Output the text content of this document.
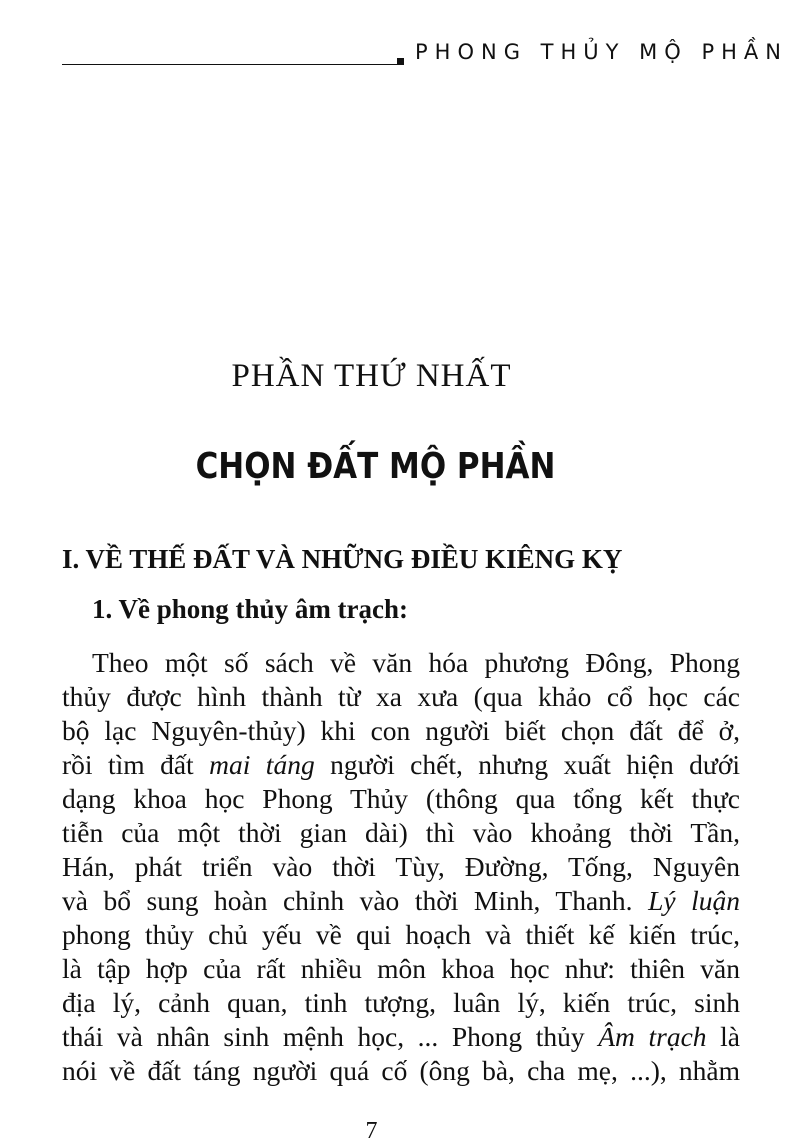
PHONG THỦY MỘ PHẦN
PHẦN THỨ NHẤT
CHỌN ĐẤT MỘ PHẦN
I. VỀ THẾ ĐẤT VÀ NHỮNG ĐIỀU KIÊNG KỴ
1. Về phong thủy âm trạch:
Theo một số sách về văn hóa phương Đông, Phong
thủy được hình thành từ xa xưa (qua khảo cổ học các
bộ lạc Nguyên-thủy) khi con người biết chọn đất để ở,
rồi tìm đất mai táng người chết, nhưng xuất hiện dưới
dạng khoa học Phong Thủy (thông qua tổng kết thực
tiễn của một thời gian dài) thì vào khoảng thời Tần,
Hán, phát triển vào thời Tùy, Đường, Tống, Nguyên
và bổ sung hoàn chỉnh vào thời Minh, Thanh. Lý luận
phong thủy chủ yếu về qui hoạch và thiết kế kiến trúc,
là tập hợp của rất nhiều môn khoa học như: thiên văn
địa lý, cảnh quan, tinh tượng, luân lý, kiến trúc, sinh
thái và nhân sinh mệnh học, ... Phong thủy Âm trạch là
nói về đất táng người quá cố (ông bà, cha mẹ, ...), nhằm
7
